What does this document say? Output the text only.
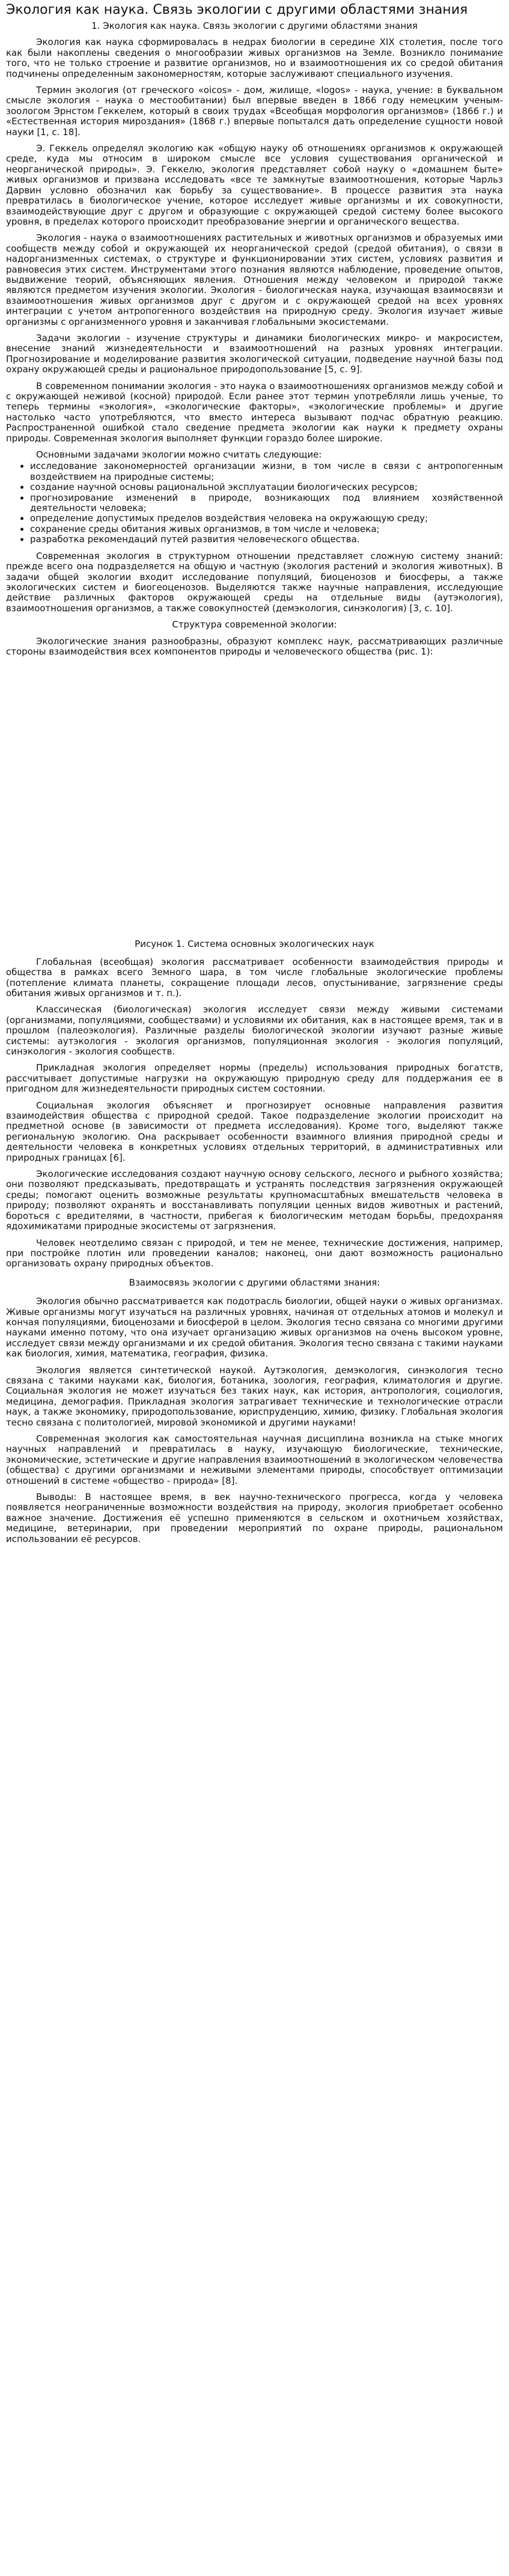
Экология как наука. Связь экологии с другими областями знания
1. Экология как наука. Связь экологии с другими областями знания

Экология как наука сформировалась в недрах биологии в середине XIX столетия, после того как были накоплены сведения о многообразии живых организмов на Земле. Возникло понимание того, что не только строение и развитие организмов, но и взаимоотношения их со средой обитания подчинены определенным закономерностям, которые заслуживают специального изучения.

Термин экология (от греческого «oicos» - дом, жилище, «logos» - наука, учение: в буквальном смысле экология - наука о местообитании) был впервые введен в 1866 году немецким ученым-зоологом Эрнстом Геккелем, который в своих трудах «Всеобщая морфология организмов» (1866 г.) и «Естественная история мироздания» (1868 г.) впервые попытался дать определение сущности новой науки [1, с. 18].

Э. Геккель определял экологию как «общую науку об отношениях организмов к окружающей среде, куда мы относим в широком смысле все условия существования органической и неорганической природы». Э. Геккелю, экология представляет собой науку о «домашнем быте» живых организмов и призвана исследовать «все те замкнутые взаимоотношения, которые Чарльз Дарвин условно обозначил как борьбу за существование». В процессе развития эта наука превратилась в биологическое учение, которое исследует живые организмы и их совокупности, взаимодействующие друг с другом и образующие с окружающей средой систему более высокого уровня, в пределах которого происходит преобразование энергии и органического вещества.

Экология - наука о взаимоотношениях растительных и животных организмов и образуемых ими сообществ между собой и окружающей их неорганической средой (средой обитания), о связи в надорганизменных системах, о структуре и функционировании этих систем, условиях развития и равновесия этих систем. Инструментами этого познания являются наблюдение, проведение опытов, выдвижение теорий, объясняющих явления. Отношения между человеком и природой также являются предметом изучения экологии. Экология - биологическая наука, изучающая взаимосвязи и взаимоотношения живых организмов друг с другом и с окружающей средой на всех уровнях интеграции с учетом антропогенного воздействия на природную среду. Экология изучает живые организмы с организменного уровня и заканчивая глобальными экосистемами.

Задачи экологии - изучение структуры и динамики биологических микро- и макросистем, внесение знаний жизнедеятельности и взаимоотношений на разных уровнях интеграции. Прогнозирование и моделирование развития экологической ситуации, подведение научной базы под охрану окружающей среды и рациональное природопользование [5, с. 9].

В современном понимании экология - это наука о взаимоотношениях организмов между собой и с окружающей неживой (косной) природой. Если ранее этот термин употребляли лишь ученые, то теперь термины «экология», «экологические факторы», «экологические проблемы» и другие настолько часто употребляются, что вместо интереса вызывают подчас обратную реакцию. Распространенной ошибкой стало сведение предмета экологии как науки к предмету охраны природы. Современная экология выполняет функции гораздо более широкие.

Основными задачами экологии можно считать следующие:

• исследование закономерностей организации жизни, в том числе в связи с антропогенным воздействием на природные системы;
• создание научной основы рациональной эксплуатации биологических ресурсов;
• прогнозирование изменений в природе, возникающих под влиянием хозяйственной деятельности человека;
• определение допустимых пределов воздействия человека на окружающую среду;
• сохранение среды обитания живых организмов, в том числе и человека;
• разработка рекомендаций путей развития человеческого общества.

Современная экология в структурном отношении представляет сложную систему знаний: прежде всего она подразделяется на общую и частную (экология растений и экология животных). В задачи общей экологии входит исследование популяций, биоценозов и биосферы, а также экологических систем и биогеоценозов. Выделяются также научные направления, исследующие действие различных факторов окружающей среды на отдельные виды (аутэкология), взаимоотношения организмов, а также совокупностей (демэкология, синэкология) [3, с. 10].

Структура современной экологии:

Экологические знания разнообразны, образуют комплекс наук, рассматривающих различные стороны взаимодействия всех компонентов природы и человеческого общества (рис. 1):

Рисунок 1. Система основных экологических наук

Глобальная (всеобщая) экология рассматривает особенности взаимодействия природы и общества в рамках всего Земного шара, в том числе глобальные экологические проблемы (потепление климата планеты, сокращение площади лесов, опустынивание, загрязнение среды обитания живых организмов и т. п.).

Классическая (биологическая) экология исследует связи между живыми системами (организмами, популяциями, сообществами) и условиями их обитания, как в настоящее время, так и в прошлом (палеоэкология). Различные разделы биологической экологии изучают разные живые системы: аутэкология - экология организмов, популяционная экология - экология популяций, синэкология - экология сообществ.

Прикладная экология определяет нормы (пределы) использования природных богатств, рассчитывает допустимые нагрузки на окружающую природную среду для поддержания ее в пригодном для жизнедеятельности природных систем состоянии.

Социальная экология объясняет и прогнозирует основные направления развития взаимодействия общества с природной средой. Такое подразделение экологии происходит на предметной основе (в зависимости от предмета исследования). Кроме того, выделяют также региональную экологию. Она раскрывает особенности взаимного влияния природной среды и деятельности человека в конкретных условиях отдельных территорий, в административных или природных границах [6].

Экологические исследования создают научную основу сельского, лесного и рыбного хозяйства; они позволяют предсказывать, предотвращать и устранять последствия загрязнения окружающей среды; помогают оценить возможные результаты крупномасштабных вмешательств человека в природу; позволяют охранять и восстанавливать популяции ценных видов животных и растений, бороться с вредителями, в частности, прибегая к биологическим методам борьбы, предохраняя ядохимикатами природные экосистемы от загрязнения.

Человек неотделимо связан с природой, и тем не менее, технические достижения, например, при постройке плотин или проведении каналов; наконец, они дают возможность рационально организовать охрану природных объектов.

Взаимосвязь экологии с другими областями знания:

Экология обычно рассматривается как подотрасль биологии, общей науки о живых организмах. Живые организмы могут изучаться на различных уровнях, начиная от отдельных атомов и молекул и кончая популяциями, биоценозами и биосферой в целом. Экология тесно связана со многими другими науками именно потому, что она изучает организацию живых организмов на очень высоком уровне, исследует связи между организмами и их средой обитания. Экология тесно связана с такими науками как биология, химия, математика, география, физика.

Экология является синтетической наукой. Аутэкология, демэкология, синэкология тесно связана с такими науками как, биология, ботаника, зоология, география, климатология и другие. Социальная экология не может изучаться без таких наук, как история, антропология, социология, медицина, демография. Прикладная экология затрагивает технические и технологические отрасли наук, а также экономику, природопользование, юриспруденцию, химию, физику. Глобальная экология тесно связана с политологией, мировой экономикой и другими науками!

Современная экология как самостоятельная научная дисциплина возникла на стыке многих научных направлений и превратилась в науку, изучающую биологические, технические, экономические, эстетические и другие направления взаимоотношений в экологическом человечества (общества) с другими организмами и неживыми элементами природы, способствует оптимизации отношений в системе «общество - природа» [8].

Выводы: В настоящее время, в век научно-технического прогресса, когда у человека появляется неограниченные возможности воздействия на природу, экология приобретает особенно важное значение. Достижения её успешно применяются в сельском и охотничьем хозяйствах, медицине, ветеринарии, при проведении мероприятий по охране природы, рациональном использовании её ресурсов.
